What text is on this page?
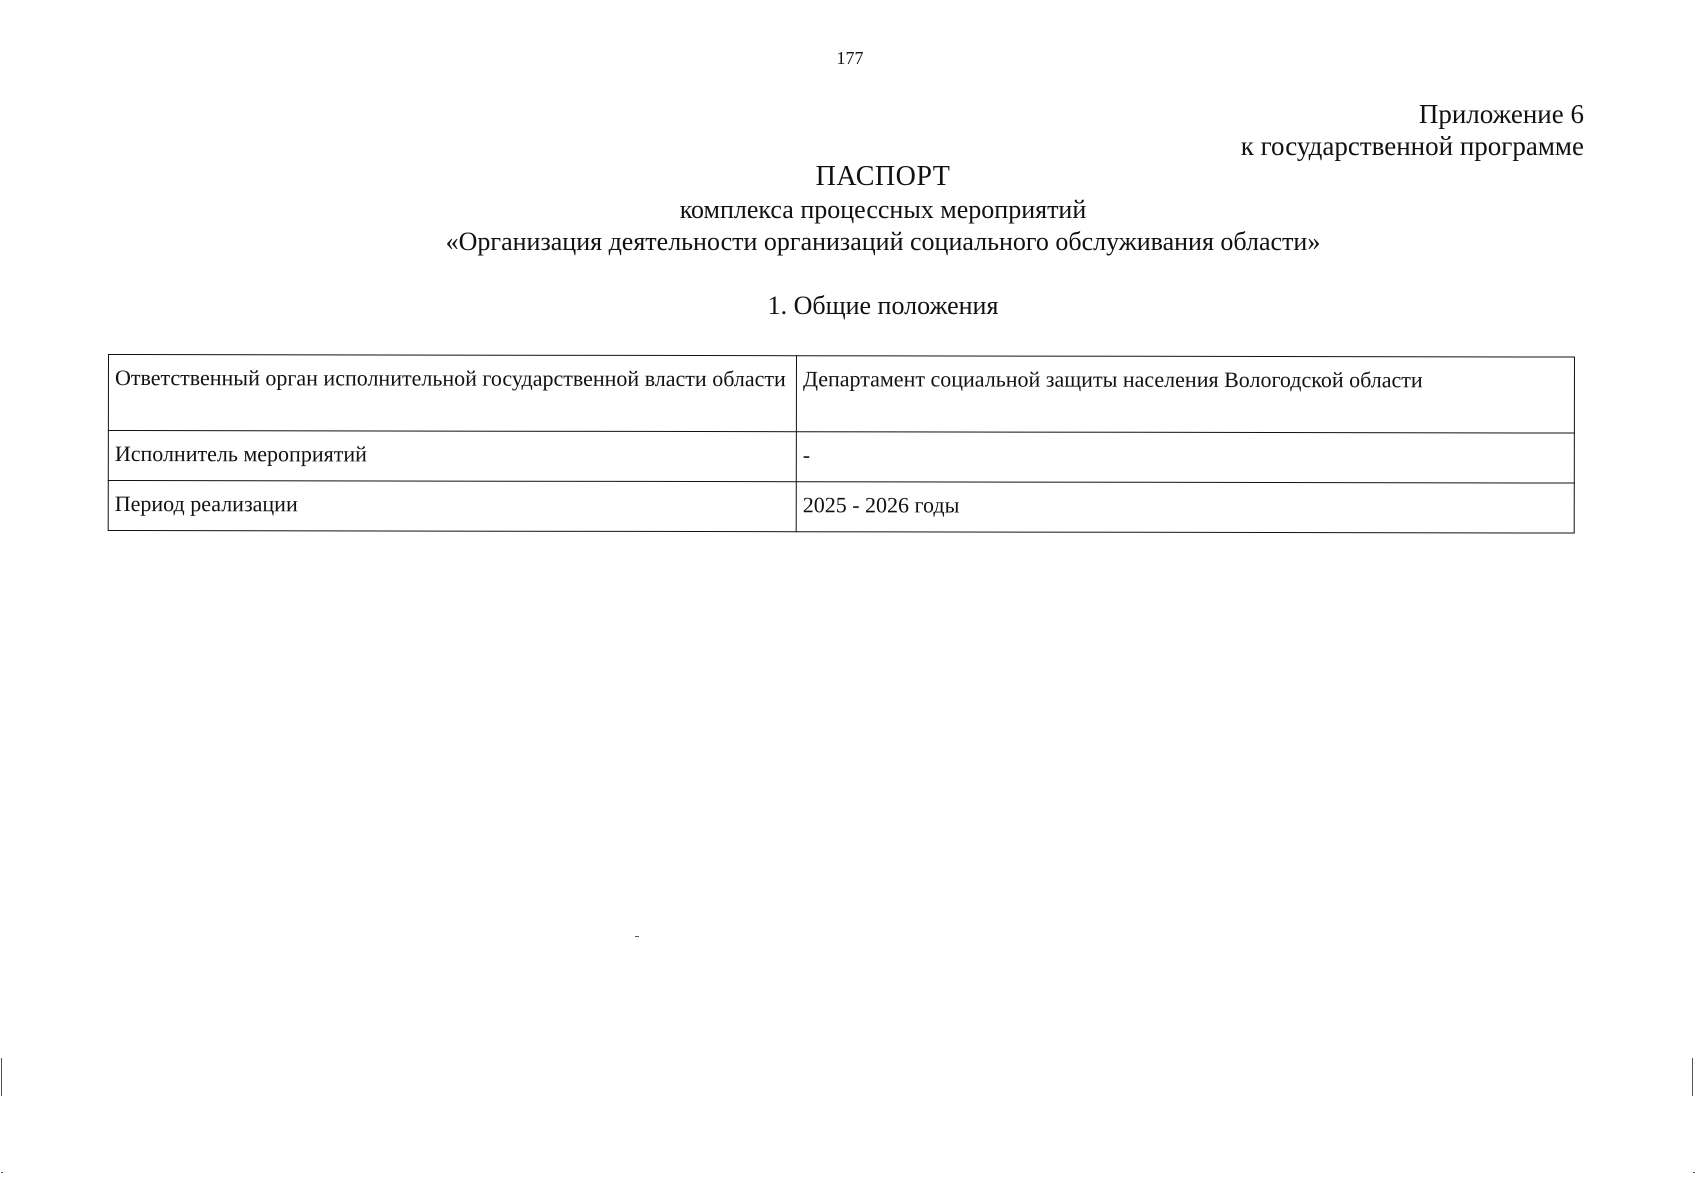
177
Приложение 6
к государственной программе
ПАСПОРТ
комплекса процессных мероприятий
«Организация деятельности организаций социального обслуживания области»
1. Общие положения
Ответственный орган исполнительной государственной власти области	Департамент социальной защиты населения Вологодской области
Исполнитель мероприятий	-
Период реализации	2025 - 2026 годы
